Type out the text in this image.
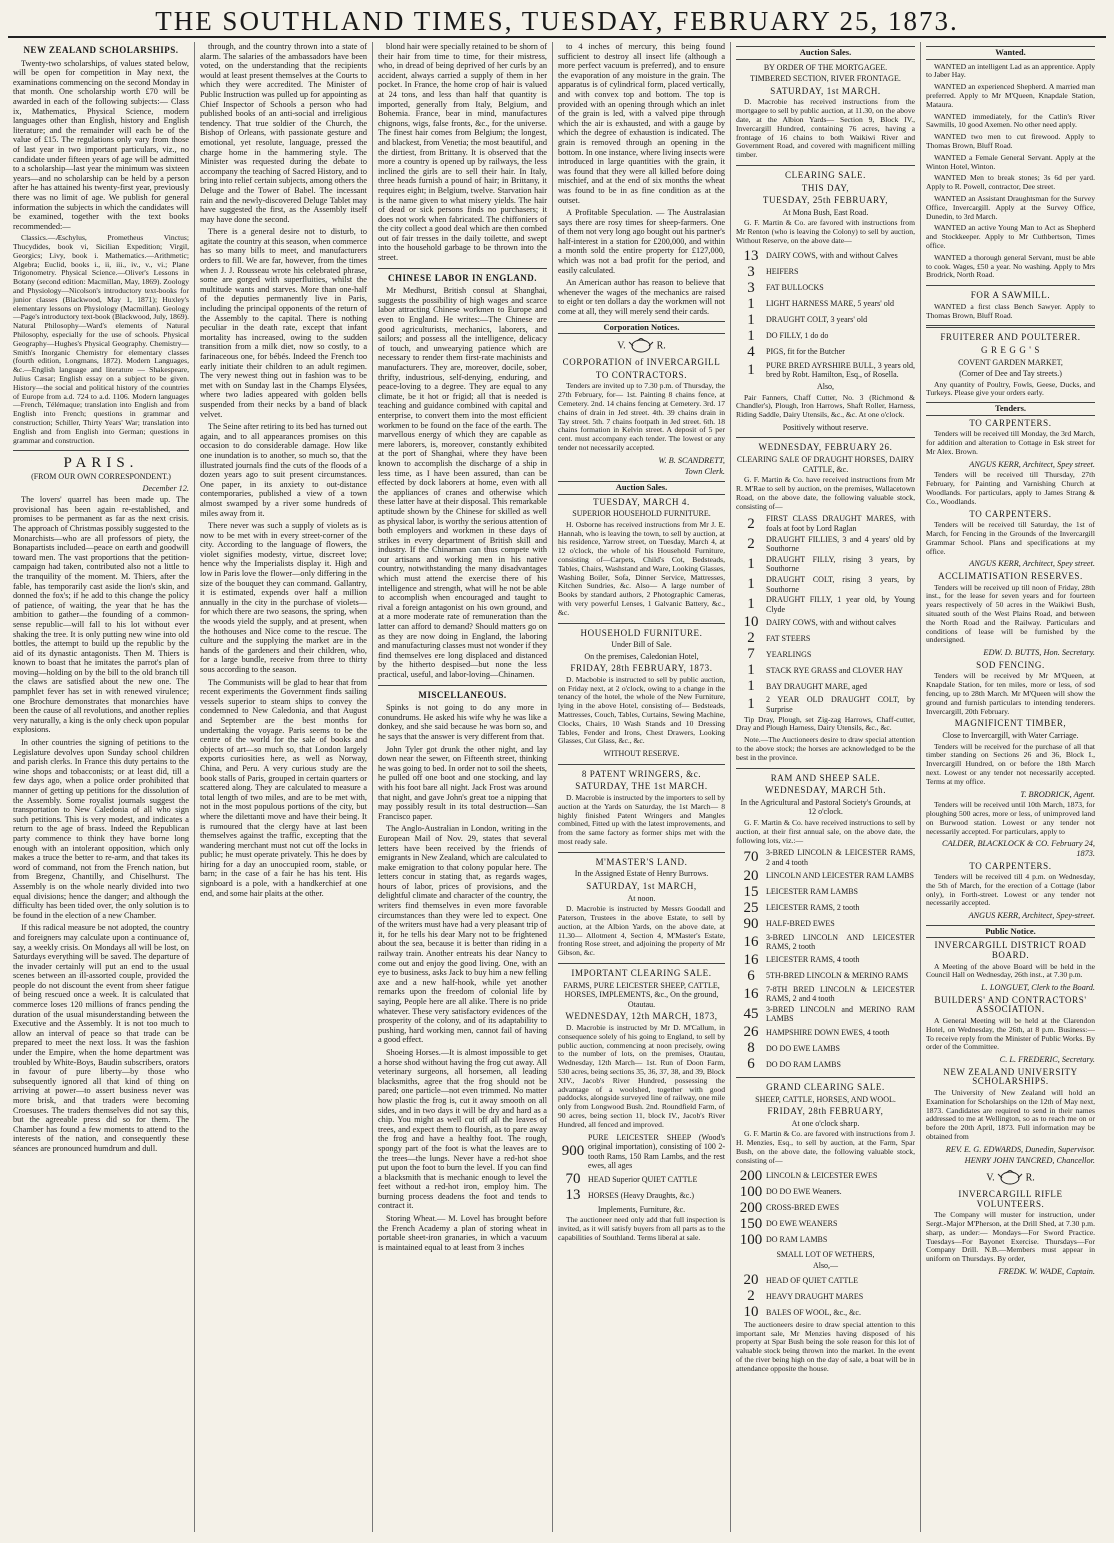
THE SOUTHLAND TIMES, TUESDAY, FEBRUARY 25, 1873.
NEW ZEALAND SCHOLARSHIPS.

Twenty-two scholarships, of values stated below, will be open for competition in May next, the examinations commencing on the second Monday in that month. One scholarship worth £70 will be awarded in each of the following subjects:— Class ix, Mathematics, Physical Science, modern languages other than English, history and English literature; and the remainder will each be of the value of £15. The regulations only vary from those of last year in two important particulars, viz., no candidate under fifteen years of age will be admitted to a scholarship—last year the minimum was sixteen years—and no scholarship can be held by a person after he has attained his twenty-first year, previously there was no limit of age. We publish for general information the subjects in which the candidates will be examined, together with the text books recommended:—

Classics.—Æschylus, Prometheus Vinctus; Thucydides, book vi, Sicilian Expedition; Virgil, Georgics; Livy, book i. Mathematics.—Arithmetic; Algebra; Euclid, books i., ii, iii., iv., v., vi.; Plane Trigonometry. Physical Science.—Oliver's Lessons in Botany (second edition: Macmillan, May, 1869). Zoology and Physiology—Nicolson's introductory text-books for junior classes (Blackwood, May 1, 1871); Huxley's elementary lessons on Physiology (Macmillan). Geology—Page's introductory text-book (Blackwood, July, 1869). Natural Philosophy—Ward's elements of Natural Philosophy, especially for the use of schools. Physical Geography—Hughes's Physical Geography. Chemistry—Smith's Inorganic Chemistry for elementary classes (fourth edition, Longmans, 1872). Modern Languages, &c.—English language and literature — Shakespeare, Julius Cæsar; English essay on a subject to be given. History—the social and political history of the countries of Europe from a.d. 724 to a.d. 1106. Modern languages—French, Télémaque; translation into English and from English into French; questions in grammar and construction; Schiller, Thirty Years' War; translation into English and from English into German; questions in grammar and construction.

PARIS.
(FROM OUR OWN CORRESPONDENT.)
December 12.

The lovers' quarrel has been made up. The provisional has been again re-established, and promises to be permanent as far as the next crisis. The approach of Christmas possibly suggested to the Monarchists—who are all professors of piety, the Bonapartists included—peace on earth and goodwill toward men. The vast proportions that the petition-campaign had taken, contributed also not a little to the tranquility of the moment. M. Thiers, after the fable, has temporarily cast aside the lion's skin, and donned the fox's; if he add to this change the policy of patience, of waiting, the year that he has the ambition to gather—the founding of a common-sense republic—will fall to his lot without ever shaking the tree. It is only putting new wine into old bottles, the attempt to build up the republic by the aid of its dynastic antagonists. Then M. Thiers is known to boast that he imitates the parrot's plan of moving—holding on by the bill to the old branch till the claws are satisfied about the new one. The pamphlet fever has set in with renewed virulence; one Brochure demonstrates that monarchies have been the cause of all revolutions, and another replies very naturally, a king is the only check upon popular explosions.

In other countries the signing of petitions to the Legislature devolves upon Sunday school children and parish clerks. In France this duty pertains to the wine shops and tobacconists; or at least did, till a few days ago, when a police order prohibited that manner of getting up petitions for the dissolution of the Assembly. Some royalist journals suggest the transportation to New Caledonia of all who sign such petitions. This is very modest, and indicates a return to the age of brass. Indeed the Republican party commence to think they have borne long enough with an intolerant opposition, which only makes a truce the better to re-arm, and that takes its word of command, not from the French nation, but from Bregenz, Chantilly, and Chiselhurst. The Assembly is on the whole nearly divided into two equal divisions; hence the danger; and although the difficulty has been tided over, the only solution is to be found in the election of a new Chamber.

If this radical measure be not adopted, the country and foreigners may calculate upon a continuance of, say, a weekly crisis. On Mondays all will be lost, on Saturdays everything will be saved. The departure of the invader certainly will put an end to the usual scenes between an ill-assorted couple, provided the people do not discount the event from sheer fatigue of being rescued once a week. It is calculated that commerce loses 120 millions of francs pending the duration of the usual misunderstanding between the Executive and the Assembly. It is not too much to allow an interval of peace so that trade can be prepared to meet the next loss. It was the fashion under the Empire, when the home department was troubled by White-Boys, Baudin subscribers, orators in favour of pure liberty—by those who subsequently ignored all that kind of thing on arriving at power—to assert business never was more brisk, and that traders were becoming Croesuses. The traders themselves did not say this, but the agreeable press did so for them. The Chamber has found a few moments to attend to the interests of the nation, and consequently these séances are pronounced humdrum and dull.

through, and the country thrown into a state of alarm. The salaries of the ambassadors have been voted, on the understanding that the recipients would at least present themselves at the Courts to which they were accredited. The Minister of Public Instruction was pulled up for appointing as Chief Inspector of Schools a person who had published books of an anti-social and irreligious tendency. That true soldier of the Church, the Bishop of Orleans, with passionate gesture and emotional, yet resolute, language, pressed the charge home in the hammering style. The Minister was requested during the debate to accompany the teaching of Sacred History, and to bring into relief certain subjects, among others the Deluge and the Tower of Babel. The incessant rain and the newly-discovered Deluge Tablet may have suggested the first, as the Assembly itself may have done the second.

There is a general desire not to disturb, to agitate the country at this season, when commerce has so many bills to meet, and manufacturers orders to fill. We are far, however, from the times when J. J. Rousseau wrote his celebrated phrase, some are gorged with superfluities, whilst the multitude wants and starves. More than one-half of the deputies permanently live in Paris, including the principal opponents of the return of the Assembly to the capital. There is nothing peculiar in the death rate, except that infant mortality has increased, owing to the sudden transition from a milk diet, now so costly, to a farinaceous one, for bébés. Indeed the French too early initiate their children to an adult regimen. The very newest thing out in fashion was to be met with on Sunday last in the Champs Elysées, where two ladies appeared with golden bells suspended from their necks by a band of black velvet.

The Seine after retiring to its bed has turned out again, and to all appearances promises on this occasion to do considerable damage. How like one inundation is to another, so much so, that the illustrated journals find the cuts of the floods of a dozen years ago to suit present circumstances. One paper, in its anxiety to out-distance contemporaries, published a view of a town almost swamped by a river some hundreds of miles away from it.

There never was such a supply of violets as is now to be met with in every street-corner of the city. According to the language of flowers, the violet signifies modesty, virtue, discreet love; hence why the Imperialists display it. High and low in Paris love the flower—only differing in the size of the bouquet they can command. Gallantry, it is estimated, expends over half a million annually in the city in the purchase of violets—for which there are two seasons, the spring, when the woods yield the supply, and at present, when the hothouses and Nice come to the rescue. The culture and the supplying the market are in the hands of the gardeners and their children, who, for a large bundle, receive from three to thirty sous according to the season.

The Communists will be glad to hear that from recent experiments the Government finds sailing vessels superior to steam ships to convey the condemned to New Caledonia, and that August and September are the best months for undertaking the voyage. Paris seems to be the centre of the world for the sale of books and objects of art—so much so, that London largely exports curiosities here, as well as Norway, China, and Peru. A very curious study are the book stalls of Paris, grouped in certain quarters or scattered along. They are calculated to measure a total length of two miles, and are to be met with, not in the most populous portions of the city, but where the dilettanti move and have their being. It is rumoured that the clergy have at last been themselves against the traffic, excepting that the wandering merchant must not cut off the locks in public; he must operate privately. This he does by hiring for a day an unoccupied room, stable, or barn; in the case of a fair he has his tent. His signboard is a pole, with a handkerchief at one end, and some hair plaits at the other.

blond hair were specially retained to be shorn of their hair from time to time, for their mistress, who, in dread of being deprived of her curls by an accident, always carried a supply of them in her pocket. In France, the home crop of hair is valued at 24 tons, and less than half that quantity is imported, generally from Italy, Belgium, and Bohemia. France, bear in mind, manufactures chignons, wigs, false fronts, &c., for the universe. The finest hair comes from Belgium; the longest, and blackest, from Venetia; the most beautiful, and the dirtiest, from Brittany. It is observed that the more a country is opened up by railways, the less inclined the girls are to sell their hair. In Italy, three heads furnish a pound of hair; in Brittany, it requires eight; in Belgium, twelve. Starvation hair is the name given to what misery yields. The hair of dead or sick persons finds no purchasers; it does not work when fabricated. The chiffoniers of the city collect a good deal which are then combed out of fair tresses in the daily toilette, and swept into the household garbage to be thrown into the street.

CHINESE LABOR IN ENGLAND.

Mr Medhurst, British consul at Shanghai, suggests the possibility of high wages and scarce labor attracting Chinese workmen to Europe and even to England. He writes:—The Chinese are good agriculturists, mechanics, laborers, and sailors; and possess all the intelligence, delicacy of touch, and unwearying patience which are necessary to render them first-rate machinists and manufacturers. They are, moreover, docile, sober, thrifty, industrious, self-denying, enduring, and peace-loving to a degree. They are equal to any climate, be it hot or frigid; all that is needed is teaching and guidance combined with capital and enterprise, to convert them into the most efficient workmen to be found on the face of the earth. The marvellous energy of which they are capable as mere laborers, is, moreover, constantly exhibited at the port of Shanghai, where they have been known to accomplish the discharge of a ship in less time, as I have been assured, than can be effected by dock laborers at home, even with all the appliances of cranes and otherwise which these latter have at their disposal. This remarkable aptitude shown by the Chinese for skilled as well as physical labor, is worthy the serious attention of both employers and workmen in these days of strikes in every department of British skill and industry. If the Chinaman can thus compete with our artisans and working men in his native country, notwithstanding the many disadvantages which must attend the exercise there of his intelligence and strength, what will he not be able to accomplish when encouraged and taught to rival a foreign antagonist on his own ground, and at a more moderate rate of remuneration than the latter can afford to demand? Should matters go on as they are now doing in England, the laboring and manufacturing classes must not wonder if they find themselves ere long displaced and distanced by the hitherto despised—but none the less practical, useful, and labor-loving—Chinamen.

MISCELLANEOUS.

Spinks is not going to do any more in conundrums. He asked his wife why he was like a donkey, and she said because he was born so, and he says that the answer is very different from that.

John Tyler got drunk the other night, and lay down near the sewer, on Fifteenth street, thinking he was going to bed. In order not to soil the sheets, he pulled off one boot and one stocking, and lay with his foot bare all night. Jack Frost was around that night, and gave John's great toe a nipping that may possibly result in its total destruction—San Francisco paper.

The Anglo-Australian in London, writing in the European Mail of Nov. 29, states that several letters have been received by the friends of emigrants in New Zealand, which are calculated to make emigration to that colony popular here. The letters concur in stating that, as regards wages, hours of labor, prices of provisions, and the delightful climate and character of the country, the writers find themselves in even more favorable circumstances than they were led to expect. One of the writers must have had a very pleasant trip of it, for he tells his dear Mary not to be frightened about the sea, because it is better than riding in a railway train. Another entreats his dear Nancy to come out and enjoy the good living. One, with an eye to business, asks Jack to buy him a new felling axe and a new half-hook, while yet another remarks upon the freedom of colonial life by saying, People here are all alike. There is no pride whatever. These very satisfactory evidences of the prosperity of the colony, and of its adaptability to pushing, hard working men, cannot fail of having a good effect.

Shoeing Horses.—It is almost impossible to get a horse shod without having the frog cut away. All veterinary surgeons, all horsemen, all leading blacksmiths, agree that the frog should not be pared; one particle—not even trimmed. No matter how plastic the frog is, cut it away smooth on all sides, and in two days it will be dry and hard as a chip. You might as well cut off all the leaves of trees, and expect them to flourish, as to pare away the frog and have a healthy foot. The rough, spongy part of the foot is what the leaves are to the trees—the lungs. Never have a red-hot shoe put upon the foot to burn the level. If you can find a blacksmith that is mechanic enough to level the feet without a red-hot iron, employ him. The burning process deadens the foot and tends to contract it.

Storing Wheat.— M. Lovel has brought before the French Academy a plan of storing wheat in portable sheet-iron granaries, in which a vacuum is maintained equal to at least from 3 inches

to 4 inches of mercury, this being found sufficient to destroy all insect life (although a more perfect vacuum is preferred), and to ensure the evaporation of any moisture in the grain. The apparatus is of cylindrical form, placed vertically, and with convex top and bottom. The top is provided with an opening through which an inlet of the grain is led, with a valved pipe through which the air is exhausted, and with a gauge by which the degree of exhaustion is indicated. The grain is removed through an opening in the bottom. In one instance, where living insects were introduced in large quantities with the grain, it was found that they were all killed before doing mischief, and at the end of six months the wheat was found to be in as fine condition as at the outset.

A Profitable Speculation. — The Australasian says there are rosy times for sheep-farmers. One of them not very long ago bought out his partner's half-interest in a station for £200,000, and within a month sold the entire property for £127,000, which was not a bad profit for the period, and easily calculated.

An American author has reason to believe that whenever the wages of the mechanics are raised to eight or ten dollars a day the workmen will not come at all, they will merely send their cards.

Corporation Notices.
V.	R.
CORPORATION of INVERCARGILL
TO CONTRACTORS.

Tenders are invited up to 7.30 p.m. of Thursday, the 27th February, for— 1st. Painting 8 chains fence, at Cemetery. 2nd. 14 chains fencing at Cemetery. 3rd. 17 chains of drain in Jed street. 4th. 39 chains drain in Tay street. 5th. 7 chains footpath in Jed street. 6th. 18 chains formation in Kelvin street. A deposit of 5 per cent. must accompany each tender. The lowest or any tender not necessarily accepted.

W. B. SCANDRETT,
Town Clerk.
Auction Sales.
TUESDAY, MARCH 4.
SUPERIOR HOUSEHOLD FURNITURE.

H. Osborne has received instructions from Mr J. E. Hannah, who is leaving the town, to sell by auction, at his residence, Yarrow street, on Tuesday, March 4, at 12 o'clock, the whole of his Household Furniture, consisting of—Carpets, Child's Cot, Bedsteads, Tables, Chairs, Washstand and Ware, Looking Glasses, Washing Boiler, Sofa, Dinner Service, Mattresses, Kitchen Sundries, &c. Also— A large number of Books by standard authors, 2 Photographic Cameras, with very powerful Lenses, 1 Galvanic Battery, &c., &c.

HOUSEHOLD FURNITURE.
Under Bill of Sale.
On the premises, Caledonian Hotel,
FRIDAY, 28th FEBRUARY, 1873.

D. Macbobie is instructed to sell by public auction, on Friday next, at 2 o'clock, owing to a change in the tenancy of the hotel, the whole of the New Furniture, lying in the above Hotel, consisting of— Bedsteads, Mattresses, Couch, Tables, Curtains, Sewing Machine, Clocks, Chairs, 10 Wash Stands and 10 Dressing Tables, Fender and Irons, Chest Drawers, Looking Glasses, Cut Glass, &c., &c.

WITHOUT RESERVE.
8 PATENT WRINGERS, &c.
SATURDAY, THE 1st MARCH.

D. Macrobie is instructed by the importers to sell by auction at the Yards on Saturday, the 1st March— 8 highly finished Patent Wringers and Mangles combined, Fitted up with the latest improvements, and from the same factory as former ships met with the most ready sale.

M'MASTER'S LAND.
In the Assigned Estate of Henry Burrows.
SATURDAY, 1st MARCH,
At noon.

D. Macrobie is instructed by Messrs Goodall and Paterson, Trustees in the above Estate, to sell by auction, at the Albion Yards, on the above date, at 11.30— Allotment 4, Section 4, M'Master's Estate, fronting Rose street, and adjoining the property of Mr Gibson, &c.

IMPORTANT CLEARING SALE.
FARMS, PURE LEICESTER SHEEP, CATTLE, HORSES, IMPLEMENTS, &c., On the ground, Otautau.
WEDNESDAY, 12th MARCH, 1873,

D. Macrobie is instructed by Mr D. M'Callum, in consequence solely of his going to England, to sell by public auction, commencing at noon precisely, owing to the number of lots, on the premises, Otautau, Wednesday, 12th March— 1st. Run of Doon Farm, 530 acres, being sections 35, 36, 37, 38, and 39, Block XIV., Jacob's River Hundred, possessing the advantage of a woolshed, together with good paddocks, alongside surveyed line of railway, one mile only from Longwood Bush. 2nd. Roundfield Farm, of 90 acres, being section 11, block IV., Jacob's River Hundred, all fenced and improved.

900
PURE LEICESTER SHEEP (Wood's original importation), consisting of 100 2-tooth Rams, 150 Ram Lambs, and the rest ewes, all ages
70 HEAD Superior QUIET CATTLE
13 HORSES (Heavy Draughts, &c.)
Implements, Furniture, &c.

The auctioneer need only add that full inspection is invited, as it will satisfy buyers from all parts as to the capabilities of Southland. Terms liberal at sale.

Auction Sales.
BY ORDER OF THE MORTGAGEE.
TIMBERED SECTION, RIVER FRONTAGE.
SATURDAY, 1st MARCH.

D. Macrobie has received instructions from the mortgagee to sell by public auction, at 11.30, on the above date, at the Albion Yards— Section 9, Block IV., Invercargill Hundred, containing 76 acres, having a frontage of 16 chains to both Waikiwi River and Government Road, and covered with magnificent milling timber.

CLEARING SALE.
THIS DAY,
TUESDAY, 25th FEBRUARY,
At Mona Bush, East Road.

G. F. Martin & Co. are favored with instructions from Mr Renton (who is leaving the Colony) to sell by auction, Without Reserve, on the above date—

13 DAIRY COWS, with and without Calves
3	HEIFERS
3	FAT BULLOCKS
1	LIGHT HARNESS MARE, 5 years' old
1	DRAUGHT COLT, 3 years' old
1	DO FILLY, 1 do do
4	PIGS, fit for the Butcher
1	PURE BRED AYRSHIRE BULL, 3 years old, bred by Robt. Hamilton, Esq., of Rosella.
Also,

Pair Fanners, Chaff Cutter, No. 3 (Richmond & Chandler's), Plough, Iron Harrows, Shaft Roller, Harness, Riding Saddle, Dairy Utensils, &c., &c. At one o'clock.

Positively without reserve.
WEDNESDAY, FEBRUARY 26.
CLEARING SALE OF DRAUGHT HORSES, DAIRY CATTLE, &c.

G. F. Martin & Co. have received instructions from Mr R. M'Rae to sell by auction, on the premises, Wallacetown Road, on the above date, the following valuable stock, consisting of—

2	FIRST CLASS DRAUGHT MARES, with foals at foot by Lord Raglan
2	DRAUGHT FILLIES, 3 and 4 years' old by Southorne
1	DRAUGHT FILLY, rising 3 years, by Southorne
1	DRAUGHT COLT, rising 3 years, by Southorne
1	DRAUGHT FILLY, 1 year old, by Young Clyde
10 DAIRY COWS, with and without calves
2	FAT STEERS
7	YEARLINGS
1	STACK RYE GRASS and CLOVER HAY
1	BAY DRAUGHT MARE, aged
1	2 YEAR OLD DRAUGHT COLT, by Surprise

Tip Dray, Plough, set Zig-zag Harrows, Chaff-cutter, Dray and Plough Harness, Dairy Utensils, &c., &c.

Note.—The Auctioneers desire to draw special attention to the above stock; the horses are acknowledged to be the best in the province.

RAM AND SHEEP SALE.
WEDNESDAY, MARCH 5th.
In the Agricultural and Pastoral Society's Grounds, at 12 o'clock.

G. F. Martin & Co. have received instructions to sell by auction, at their first annual sale, on the above date, the following lots, viz.:—

70 3-BRED LINCOLN & LEICESTER RAMS, 2 and 4 tooth
20 LINCOLN AND LEICESTER RAM LAMBS
15 LEICESTER RAM LAMBS
25 LEICESTER RAMS, 2 tooth
90 HALF-BRED EWES
16 3-BRED LINCOLN AND LEICESTER RAMS, 2 tooth
16 LEICESTER RAMS, 4 tooth
6	5TH-BRED LINCOLN & MERINO RAMS
16 7-8TH BRED LINCOLN & LEICESTER RAMS, 2 and 4 tooth
45 3-BRED LINCOLN and MERINO RAM LAMBS
26 HAMPSHIRE DOWN EWES, 4 tooth
8	DO DO EWE LAMBS
6	DO DO RAM LAMBS
GRAND CLEARING SALE.
SHEEP, CATTLE, HORSES, AND WOOL.
FRIDAY, 28th FEBRUARY,
At one o'clock sharp.

G. F. Martin & Co. are favored with instructions from J. H. Menzies, Esq., to sell by auction, at the Farm, Spar Bush, on the above date, the following valuable stock, consisting of—

200 LINCOLN & LEICESTER EWES
100 DO DO EWE Weaners.
200 CROSS-BRED EWES
150 DO EWE WEANERS
100 DO RAM LAMBS
SMALL LOT OF WETHERS,
Also,—
20 HEAD OF QUIET CATTLE
2	HEAVY DRAUGHT MARES
10 BALES OF WOOL, &c., &c.

The auctioneers desire to draw special attention to this important sale, Mr Menzies having disposed of his property at Spar Bush being the sole reason for this lot of valuable stock being thrown into the market. In the event of the river being high on the day of sale, a boat will be in attendance opposite the house.

Wanted.

WANTED an intelligent Lad as an apprentice. Apply to Jaber Hay.

WANTED an experienced Shepherd. A married man preferred. Apply to Mr M'Queen, Knapdale Station, Mataura.

WANTED immediately, for the Catlin's River Sawmills, 10 good Axemen. No other need apply.

WANTED two men to cut firewood. Apply to Thomas Brown, Bluff Road.

WANTED a Female General Servant. Apply at the Winton Hotel, Winton.

WANTED Men to break stones; 3s 6d per yard. Apply to R. Powell, contractor, Dee street.

WANTED an Assistant Draughtsman for the Survey Office, Invercargill. Apply at the Survey Office, Dunedin, to 3rd March.

WANTED an active Young Man to Act as Shepherd and Stockkeeper. Apply to Mr Cuthbertson, Times office.

WANTED a thorough general Servant, must be able to cook. Wages, £50 a year. No washing. Apply to Mrs Brodrick, North Road.

FOR A SAWMILL.

WANTED a first class Bench Sawyer. Apply to Thomas Brown, Bluff Road.

FRUITERER AND POULTERER.
G R E G G ' S
COVENT GARDEN MARKET,
(Corner of Dee and Tay streets.)

Any quantity of Poultry, Fowls, Geese, Ducks, and Turkeys. Please give your orders early.

Tenders.
TO CARPENTERS.

Tenders will be received till Monday, the 3rd March, for addition and alteration to Cottage in Esk street for Mr Alex. Brown.

ANGUS KERR, Architect, Spey street.

Tenders will be received till Thursday, 27th February, for Painting and Varnishing Church at Woodlands. For particulars, apply to James Strang & Co., Woodlands.

TO CARPENTERS.

Tenders will be received till Saturday, the 1st of March, for Fencing in the Grounds of the Invercargill Grammar School. Plans and specifications at my office.

ANGUS KERR, Architect, Spey street.
ACCLIMATISATION RESERVES.

Tenders will be received up till noon of Friday, 28th inst., for the lease for seven years and for fourteen years respectively of 50 acres in the Waikiwi Bush, situated south of the West Plains Road, and between the North Road and the Railway. Particulars and conditions of lease will be furnished by the undersigned.

EDW. D. BUTTS, Hon. Secretary.
SOD FENCING.

Tenders will be received by Mr M'Queen, at Knapdale Station, for ten miles, more or less, of sod fencing, up to 28th March. Mr M'Queen will show the ground and furnish particulars to intending tenderers. Invercargill, 20th February.

MAGNIFICENT TIMBER,
Close to Invercargill, with Water Carriage.

Tenders will be received for the purchase of all that timber standing on Sections 26 and 36, Block I., Invercargill Hundred, on or before the 18th March next. Lowest or any tender not necessarily accepted. Terms at my office.

T. BRODRICK, Agent.

Tenders will be received until 10th March, 1873, for ploughing 500 acres, more or less, of unimproved land on Burwood station. Lowest or any tender not necessarily accepted. For particulars, apply to

CALDER, BLACKLOCK & CO. February 24, 1873.
TO CARPENTERS.

Tenders will be received till 4 p.m. on Wednesday, the 5th of March, for the erection of a Cottage (labor only), in Forth-street. Lowest or any tender not necessarily accepted.

ANGUS KERR, Architect, Spey-street.
Public Notice.
INVERCARGILL DISTRICT ROAD BOARD.

A Meeting of the above Board will be held in the Council Hall on Wednesday, 26th inst., at 7.30 p.m.

L. LONGUET, Clerk to the Board.
BUILDERS' AND CONTRACTORS' ASSOCIATION.

A General Meeting will be held at the Clarendon Hotel, on Wednesday, the 26th, at 8 p.m. Business:—To receive reply from the Minister of Public Works. By order of the Committee.

C. L. FREDERIC, Secretary.
NEW ZEALAND UNIVERSITY SCHOLARSHIPS.

The University of New Zealand will hold an Examination for Scholarships on the 12th of May next, 1873. Candidates are required to send in their names addressed to me at Wellington, so as to reach me on or before the 20th April, 1873. Full information may be obtained from

REV. E. G. EDWARDS, Dunedin, Supervisor.
HENRY JOHN TANCRED, Chancellor.
V.	R.
INVERCARGILL RIFLE VOLUNTEERS.

The Company will muster for instruction, under Sergt.-Major M'Pherson, at the Drill Shed, at 7.30 p.m. sharp, as under:— Mondays—For Sword Practice. Tuesdays—For Bayonet Exercise. Thursdays—For Company Drill. N.B.—Members must appear in uniform on Thursdays. By order,

FREDK. W. WADE, Captain.
